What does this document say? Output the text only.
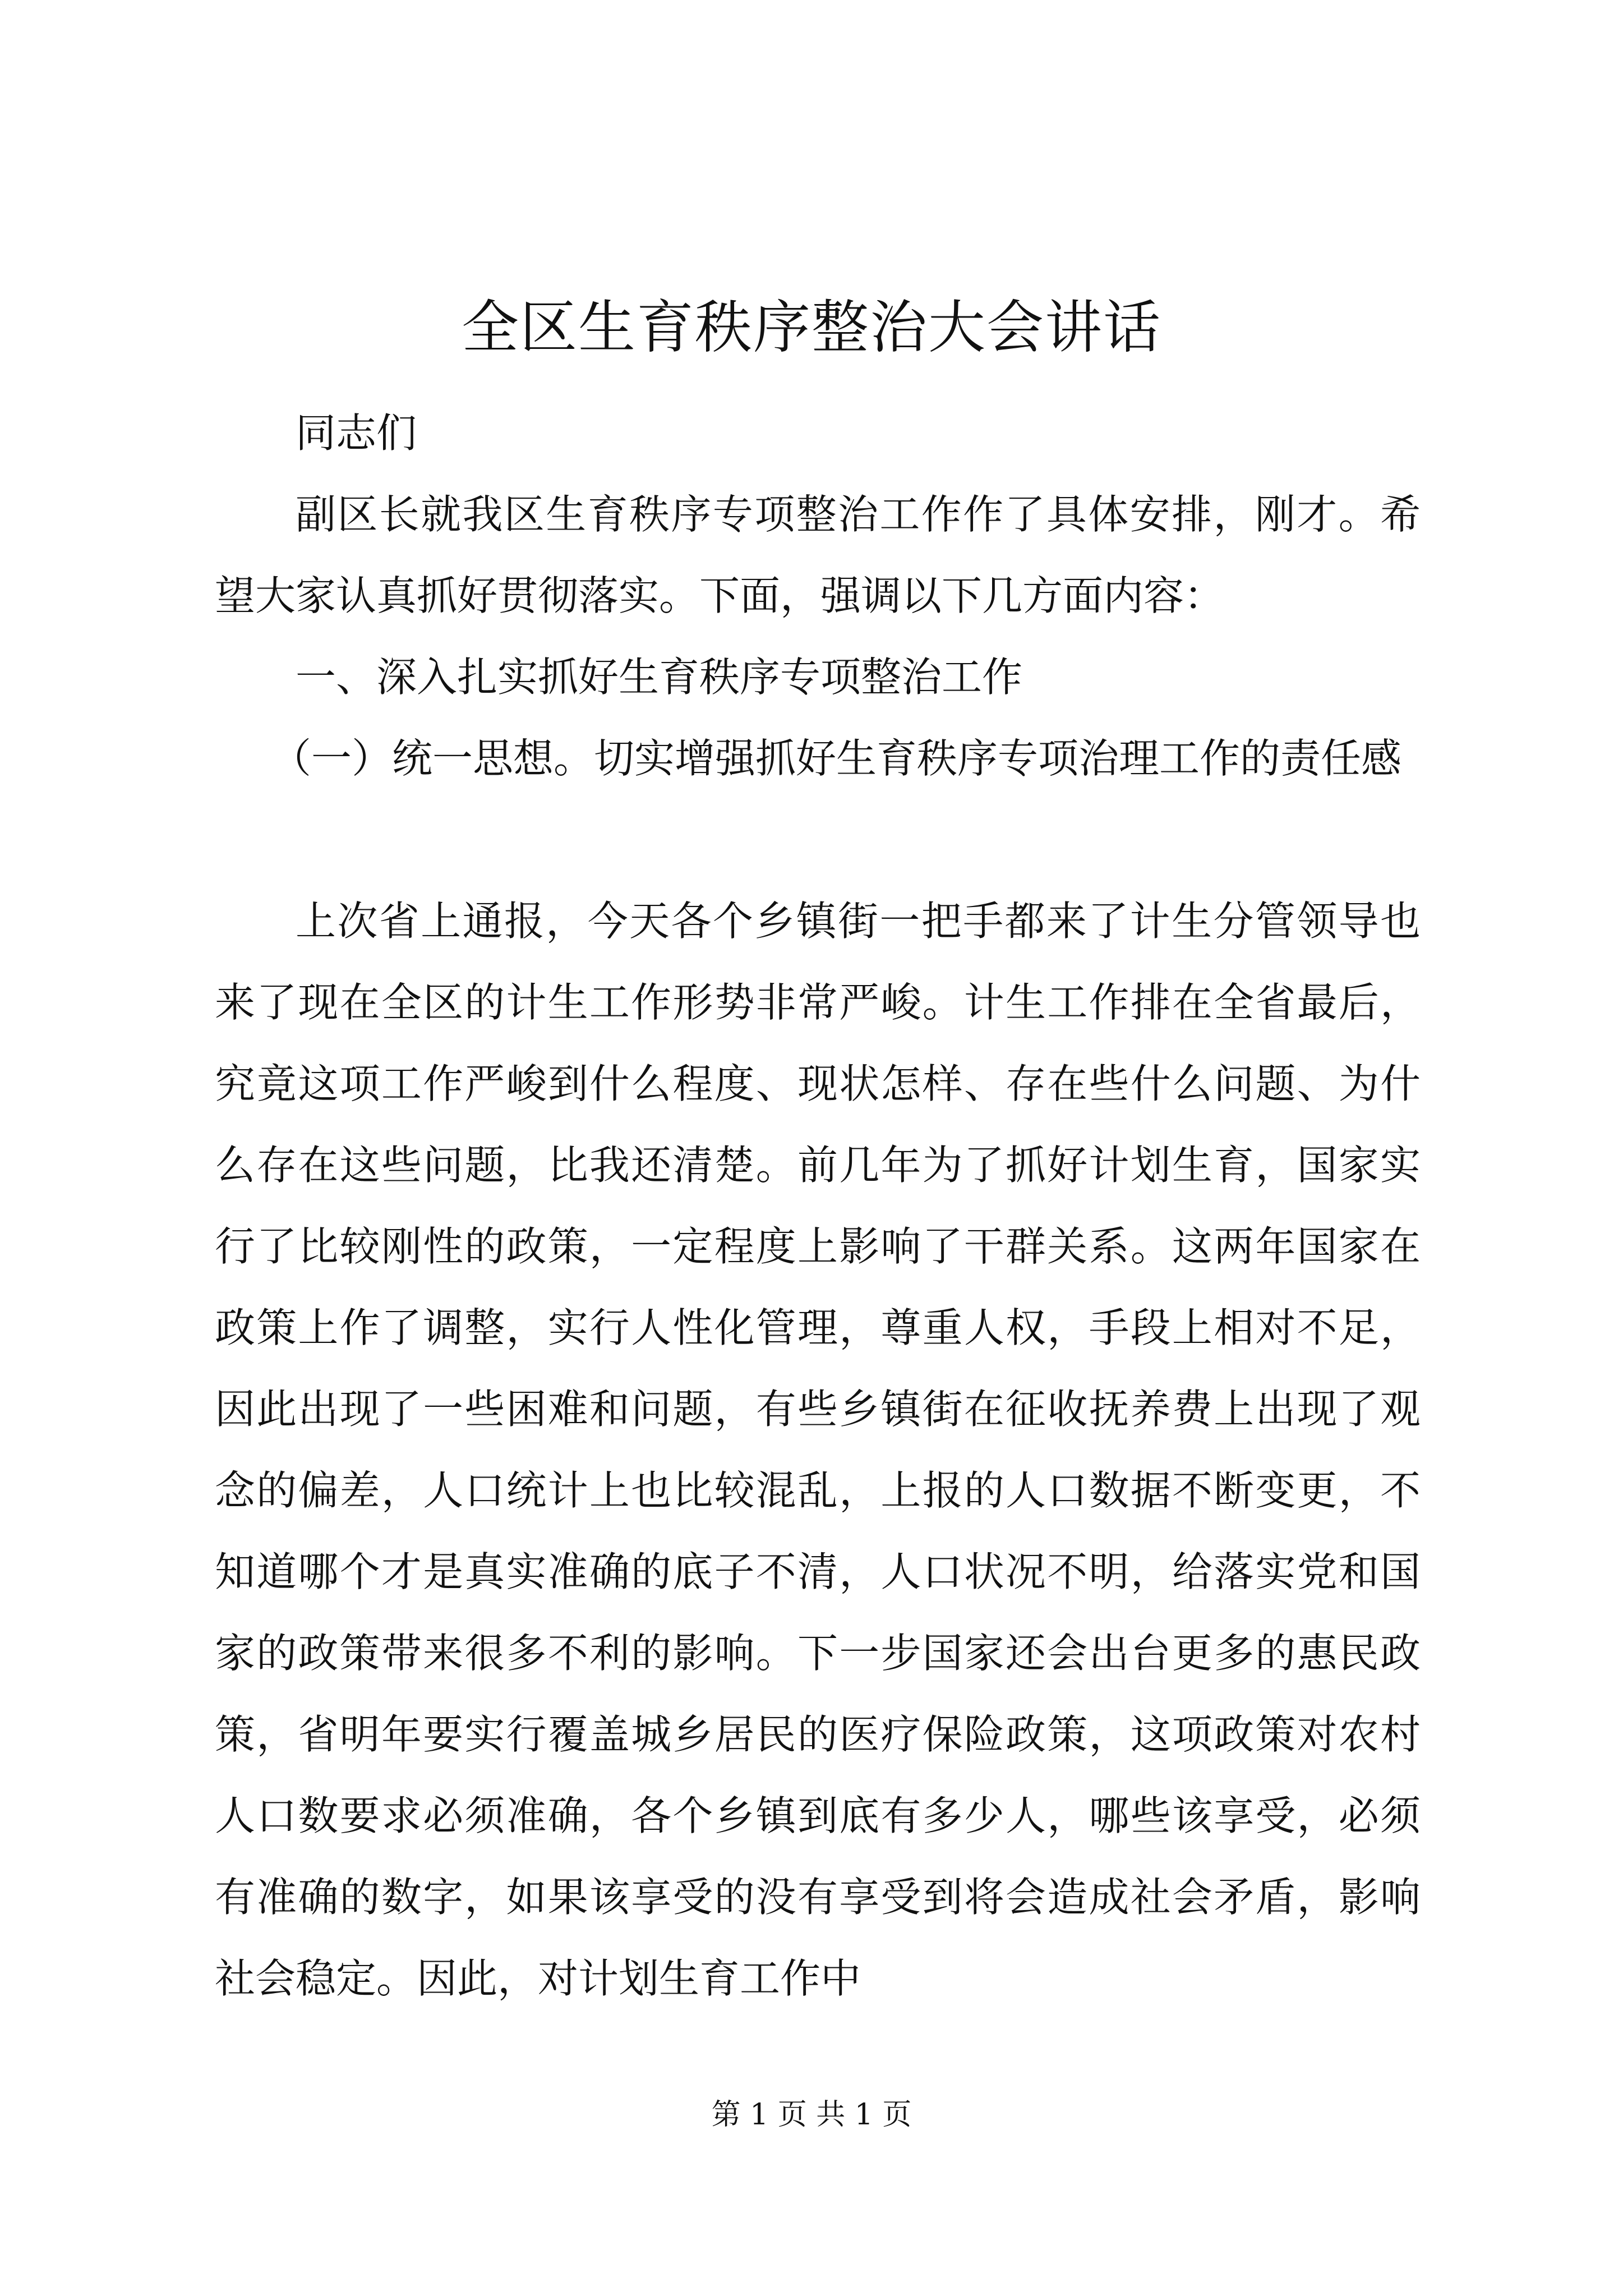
全区生育秩序整治大会讲话

同志们

副区长就我区生育秩序专项整治工作作了具体安排，刚才。希望大家认真抓好贯彻落实。下面，强调以下几方面内容：

一、深入扎实抓好生育秩序专项整治工作

（一）统一思想。切实增强抓好生育秩序专项治理工作的责任感

上次省上通报，今天各个乡镇街一把手都来了计生分管领导也来了现在全区的计生工作形势非常严峻。计生工作排在全省最后，究竟这项工作严峻到什么程度、现状怎样、存在些什么问题、为什么存在这些问题，比我还清楚。前几年为了抓好计划生育，国家实行了比较刚性的政策，一定程度上影响了干群关系。这两年国家在政策上作了调整，实行人性化管理，尊重人权，手段上相对不足，因此出现了一些困难和问题，有些乡镇街在征收抚养费上出现了观念的偏差，人口统计上也比较混乱，上报的人口数据不断变更，不知道哪个才是真实准确的底子不清，人口状况不明，给落实党和国家的政策带来很多不利的影响。下一步国家还会出台更多的惠民政策，省明年要实行覆盖城乡居民的医疗保险政策，这项政策对农村人口数要求必须准确，各个乡镇到底有多少人，哪些该享受，必须有准确的数字，如果该享受的没有享受到将会造成社会矛盾，影响社会稳定。因此，对计划生育工作中

第 1 页 共 1 页
